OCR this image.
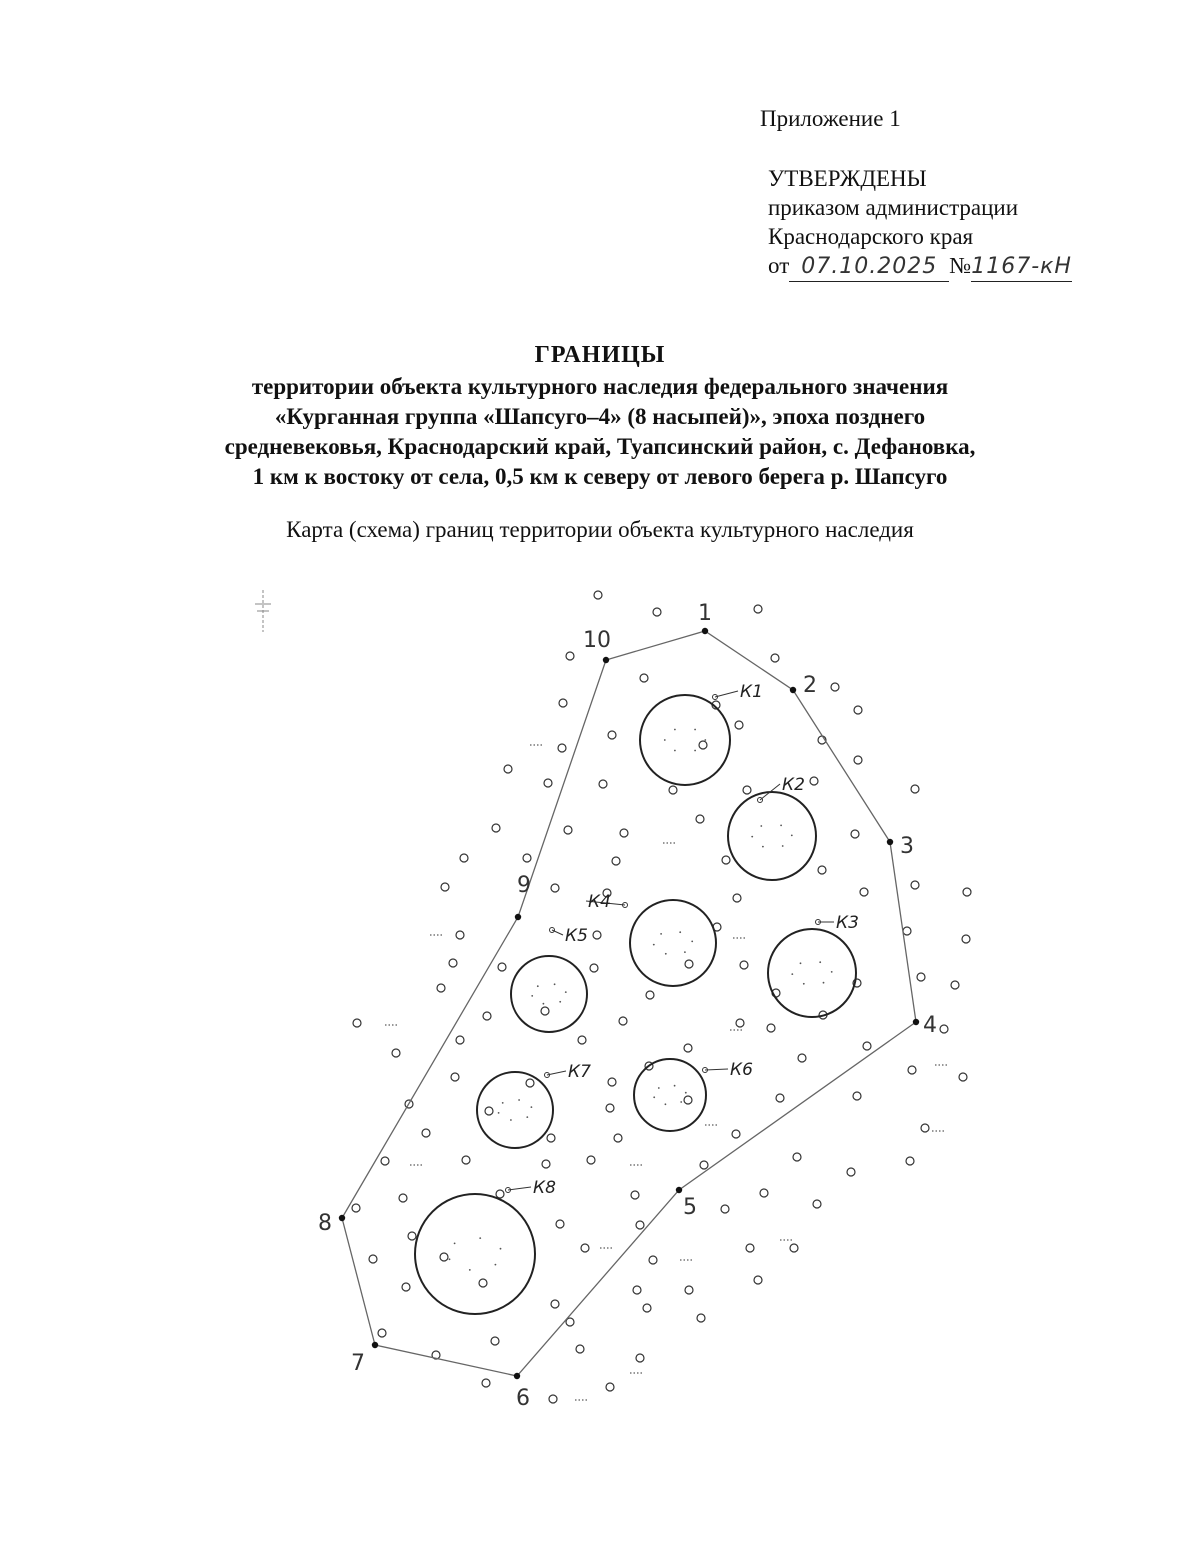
Приложение 1
УТВЕРЖДЕНЫ
приказом администрации
Краснодарского края
от 07.10.2025 №1167-кН
ГРАНИЦЫ
территории объекта культурного наследия федерального значения
«Курганная группа «Шапсуго–4» (8 насыпей)», эпоха позднего
средневековья, Краснодарский край, Туапсинский район, с. Дефановка,
1 км к востоку от села, 0,5 км к северу от левого берега р. Шапсуго
Карта (схема) границ территории объекта культурного наследия
К1
К2
К3
К4
К5
К6
К7
К8
1
2
3
4
5
6
7
8
9
10
